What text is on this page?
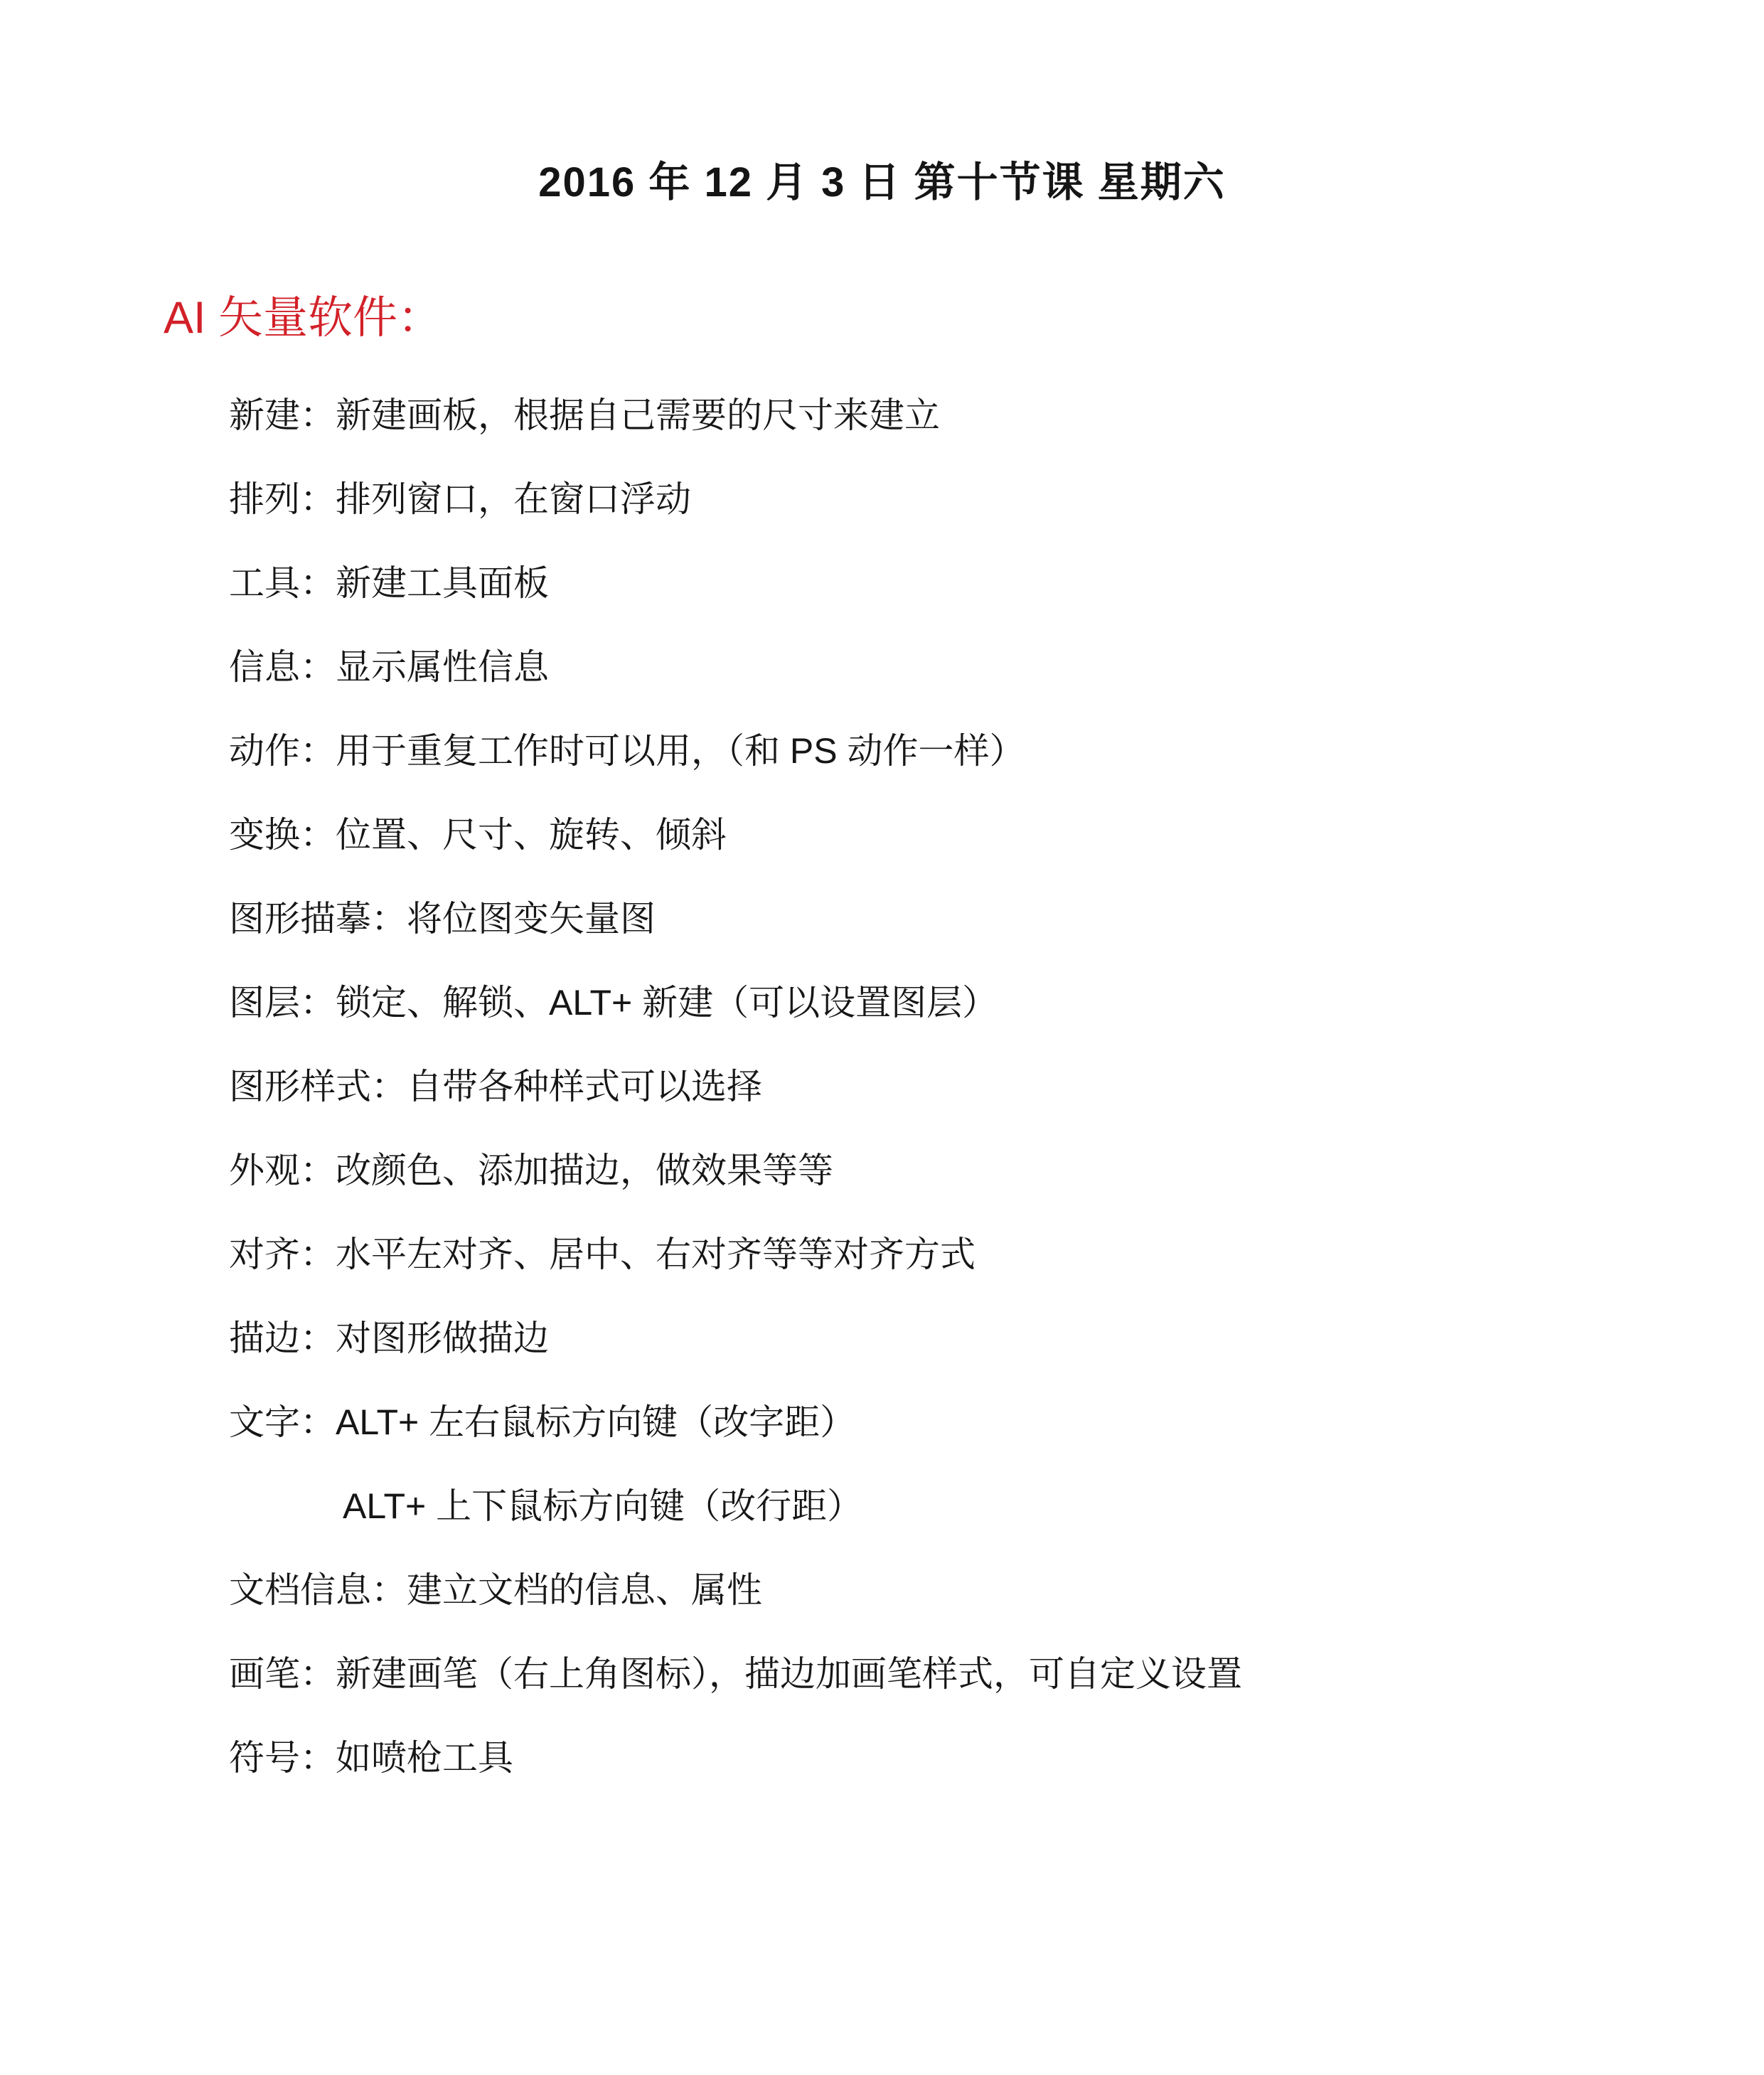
2016 年 12 月 3 日 第十节课 星期六
AI 矢量软件：
新建：新建画板，根据自己需要的尺寸来建立
排列：排列窗口，在窗口浮动
工具：新建工具面板
信息：显示属性信息
动作：用于重复工作时可以用，（和 PS 动作一样）
变换：位置、尺寸、旋转、倾斜
图形描摹：将位图变矢量图
图层：锁定、解锁、ALT+ 新建（可以设置图层）
图形样式：自带各种样式可以选择
外观：改颜色、添加描边，做效果等等
对齐：水平左对齐、居中、右对齐等等对齐方式
描边：对图形做描边
文字：ALT+ 左右鼠标方向键（改字距）
ALT+ 上下鼠标方向键（改行距）
文档信息：建立文档的信息、属性
画笔：新建画笔（右上角图标），描边加画笔样式，可自定义设置
符号：如喷枪工具
